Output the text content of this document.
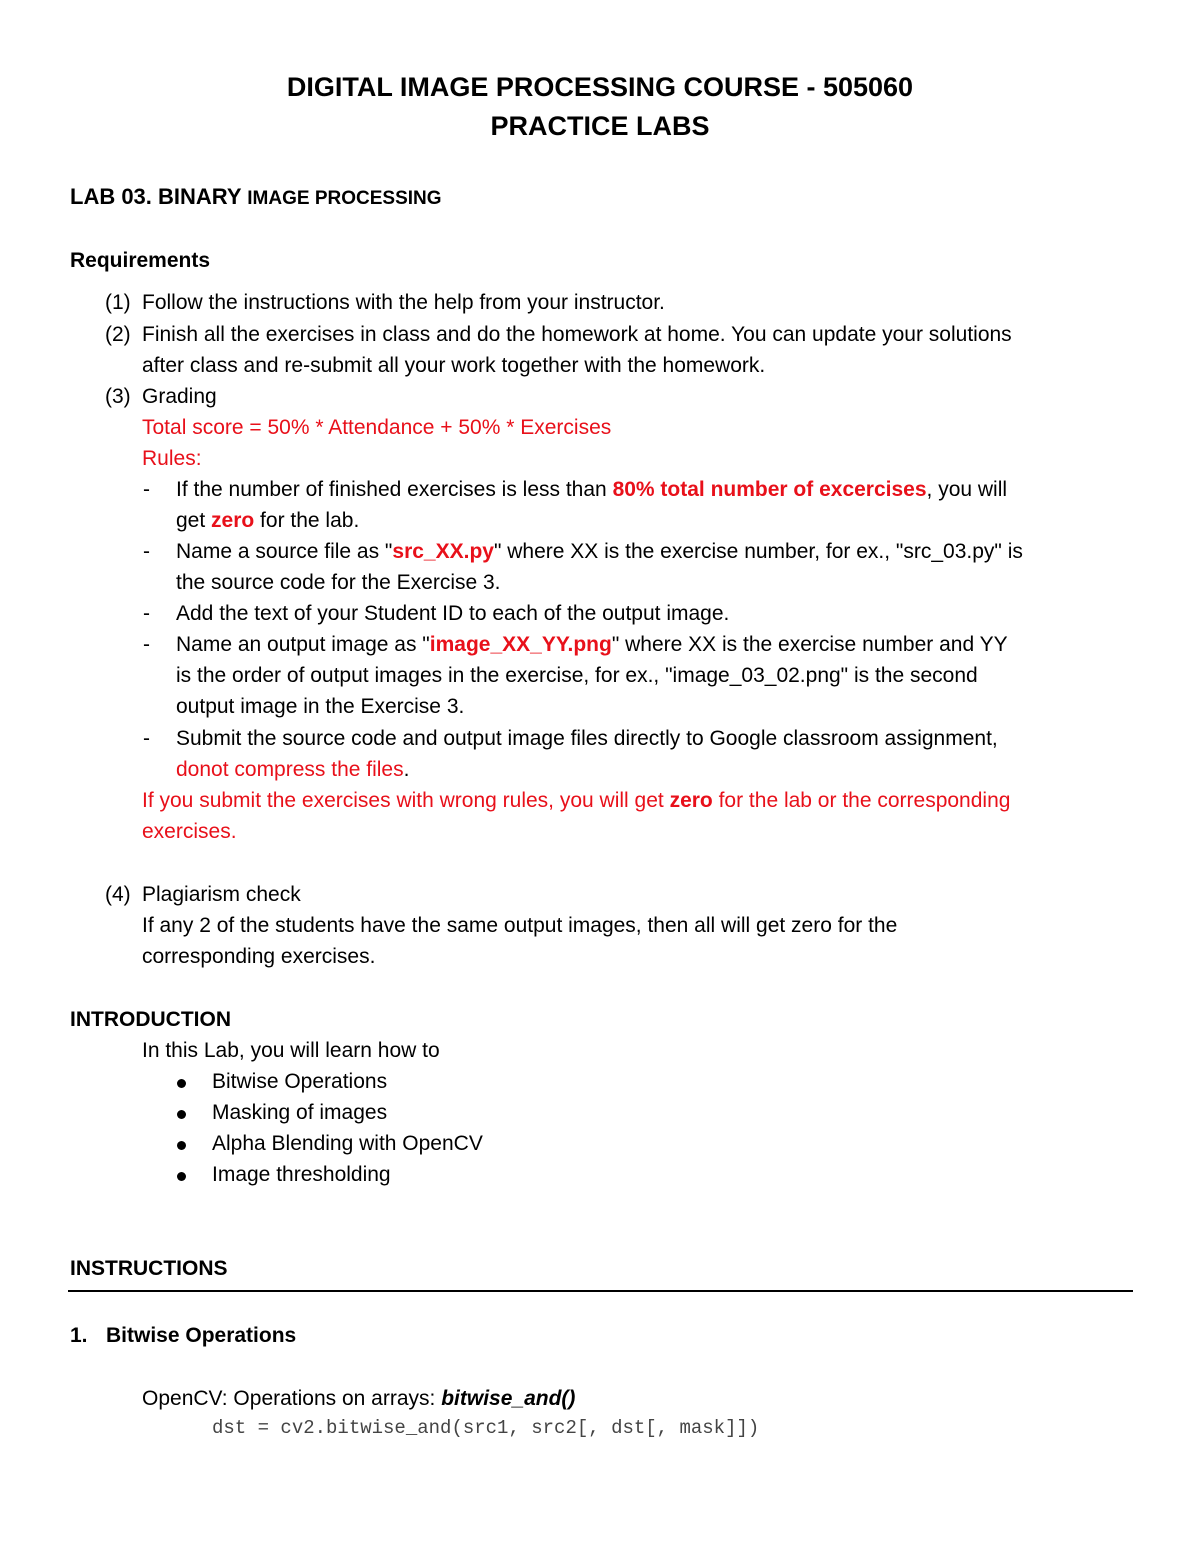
DIGITAL IMAGE PROCESSING COURSE - 505060
PRACTICE LABS
LAB 03. BINARY IMAGE PROCESSING
Requirements
(1) Follow the instructions with the help from your instructor.
(2) Finish all the exercises in class and do the homework at home. You can update your solutions
after class and re-submit all your work together with the homework.
(3) Grading
Total score = 50% * Attendance + 50% * Exercises
Rules:
- If the number of finished exercises is less than 80% total number of excercises, you will
get zero for the lab.
- Name a source file as "src_XX.py" where XX is the exercise number, for ex., "src_03.py" is
the source code for the Exercise 3.
- Add the text of your Student ID to each of the output image.
- Name an output image as "image_XX_YY.png" where XX is the exercise number and YY
is the order of output images in the exercise, for ex., "image_03_02.png" is the second
output image in the Exercise 3.
- Submit the source code and output image files directly to Google classroom assignment,
donot compress the files.
If you submit the exercises with wrong rules, you will get zero for the lab or the corresponding
exercises.
(4) Plagiarism check
If any 2 of the students have the same output images, then all will get zero for the
corresponding exercises.
INTRODUCTION
In this Lab, you will learn how to
Bitwise Operations
Masking of images
Alpha Blending with OpenCV
Image thresholding
INSTRUCTIONS
1. Bitwise Operations
OpenCV: Operations on arrays: bitwise_and()
dst = cv2.bitwise_and(src1, src2[, dst[, mask]])
